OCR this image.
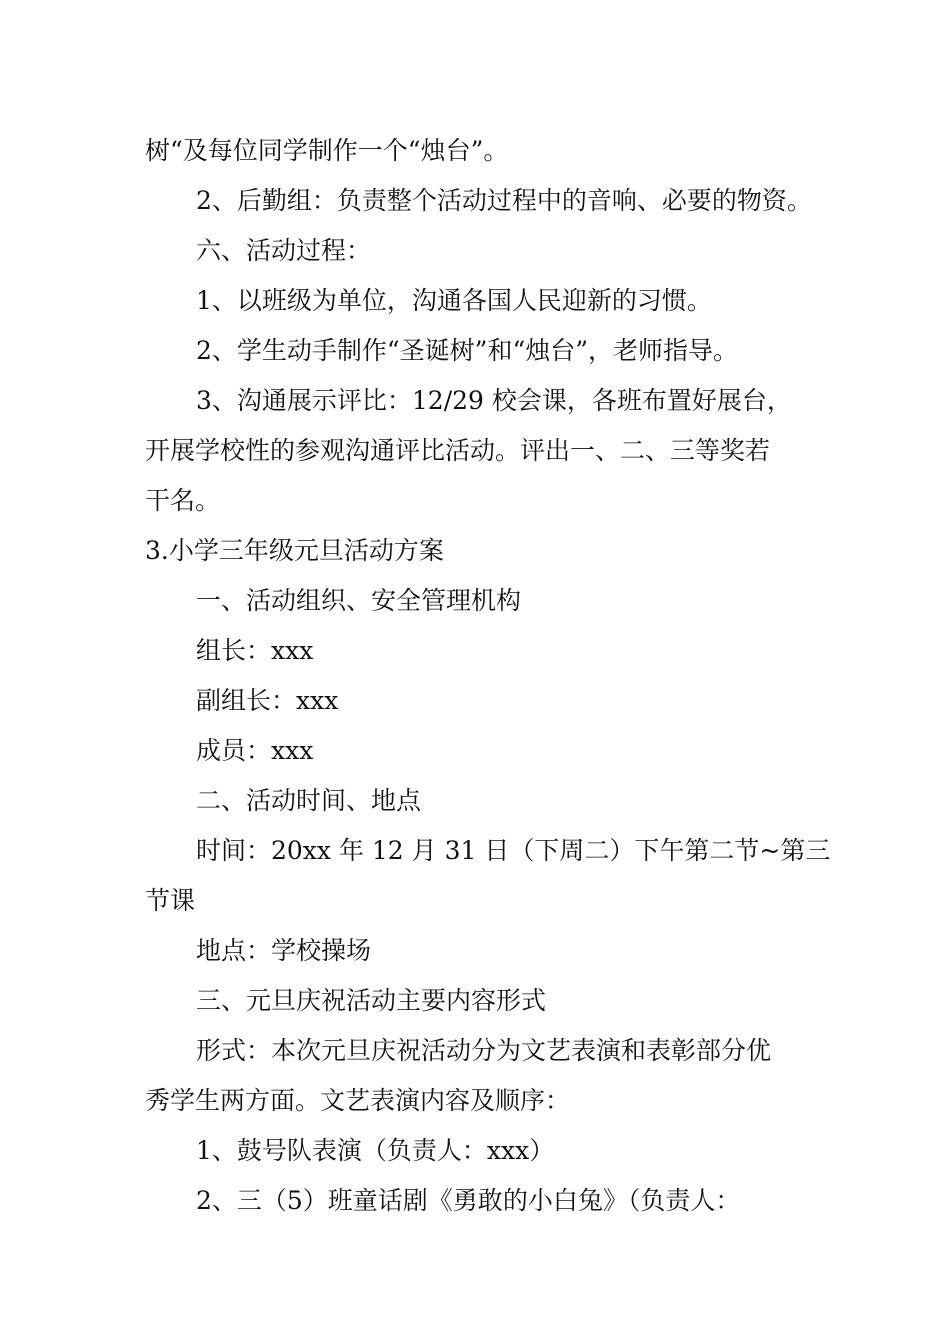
树“及每位同学制作一个“烛台”。
2、后勤组：负责整个活动过程中的音响、必要的物资。
六、活动过程：
1、以班级为单位，沟通各国人民迎新的习惯。
2、学生动手制作“圣诞树”和“烛台”，老师指导。
3、沟通展示评比：12/29 校会课，各班布置好展台，
开展学校性的参观沟通评比活动。评出一、二、三等奖若
干名。
3.小学三年级元旦活动方案
一、活动组织、安全管理机构
组长：xxx
副组长：xxx
成员：xxx
二、活动时间、地点
时间：20xx 年 12 月 31 日（下周二）下午第二节~第三
节课
地点：学校操场
三、元旦庆祝活动主要内容形式
形式：本次元旦庆祝活动分为文艺表演和表彰部分优
秀学生两方面。文艺表演内容及顺序：
1、鼓号队表演（负责人：xxx）
2、三（5）班童话剧《勇敢的小白兔》（负责人：
